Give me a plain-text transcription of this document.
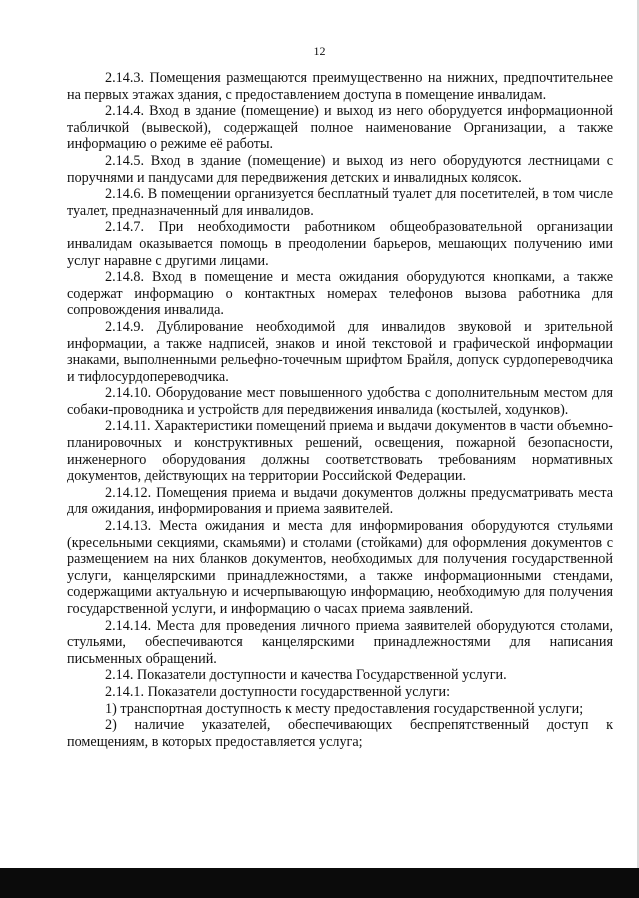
12

2.14.3. Помещения размещаются преимущественно на нижних, предпочтительнее на первых этажах здания, с предоставлением доступа в помещение инвалидам.

2.14.4. Вход в здание (помещение) и выход из него оборудуется информационной табличкой (вывеской), содержащей полное наименование Организации, а также информацию о режиме её работы.

2.14.5. Вход в здание (помещение) и выход из него оборудуются лестницами с поручнями и пандусами для передвижения детских и инвалидных колясок.

2.14.6. В помещении организуется бесплатный туалет для посетителей, в том числе туалет, предназначенный для инвалидов.

2.14.7. При необходимости работником общеобразовательной организации инвалидам оказывается помощь в преодолении барьеров, мешающих получению ими услуг наравне с другими лицами.

2.14.8. Вход в помещение и места ожидания оборудуются кнопками, а также содержат информацию о контактных номерах телефонов вызова работника для сопровождения инвалида.

2.14.9. Дублирование необходимой для инвалидов звуковой и зрительной информации, а также надписей, знаков и иной текстовой и графической информации знаками, выполненными рельефно-точечным шрифтом Брайля, допуск сурдопереводчика и тифлосурдопереводчика.

2.14.10. Оборудование мест повышенного удобства с дополнительным местом для собаки-проводника и устройств для передвижения инвалида (костылей, ходунков).

2.14.11. Характеристики помещений приема и выдачи документов в части объемно-планировочных и конструктивных решений, освещения, пожарной безопасности, инженерного оборудования должны соответствовать требованиям нормативных документов, действующих на территории Российской Федерации.

2.14.12. Помещения приема и выдачи документов должны предусматривать места для ожидания, информирования и приема заявителей.

2.14.13. Места ожидания и места для информирования оборудуются стульями (кресельными секциями, скамьями) и столами (стойками) для оформления документов с размещением на них бланков документов, необходимых для получения государственной услуги, канцелярскими принадлежностями, а также информационными стендами, содержащими актуальную и исчерпывающую информацию, необходимую для получения государственной услуги, и информацию о часах приема заявлений.

2.14.14. Места для проведения личного приема заявителей оборудуются столами, стульями, обеспечиваются канцелярскими принадлежностями для написания письменных обращений.

2.14. Показатели доступности и качества Государственной услуги.

2.14.1. Показатели доступности государственной услуги:

1) транспортная доступность к месту предоставления государственной услуги;

2) наличие указателей, обеспечивающих беспрепятственный доступ к помещениям, в которых предоставляется услуга;
